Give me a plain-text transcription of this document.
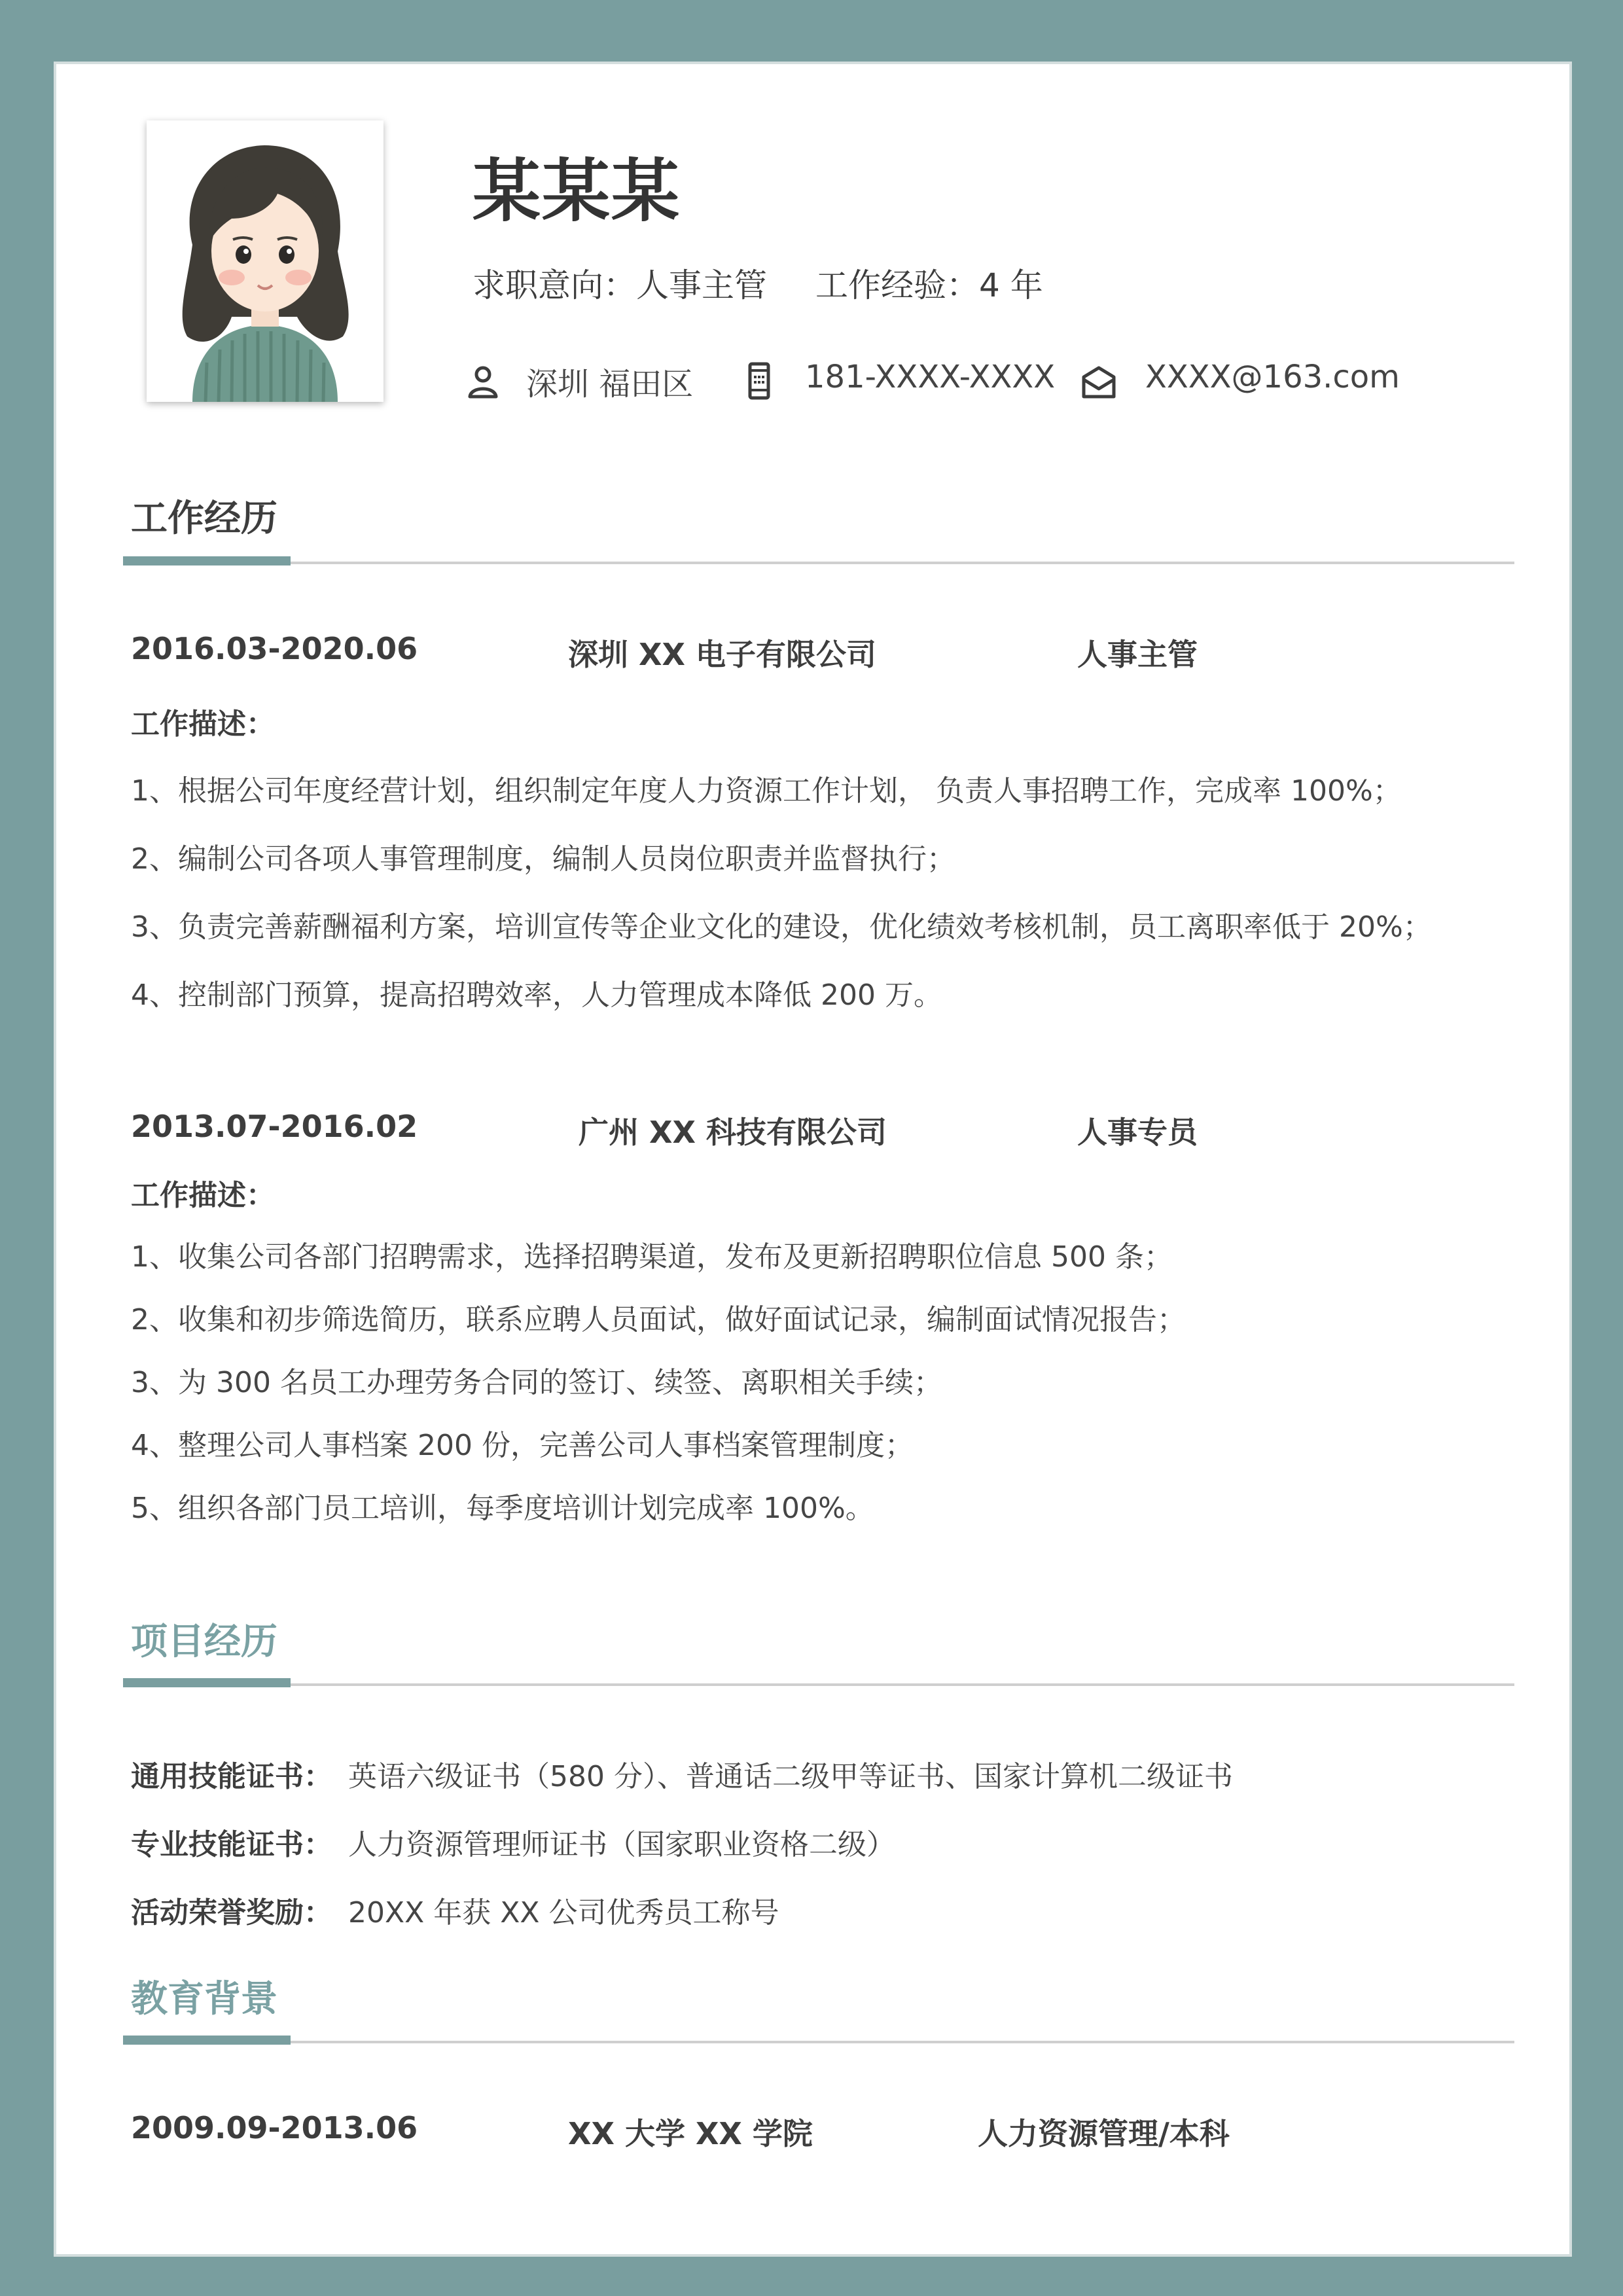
某某某
求职意向：人事主管 工作经验：4 年
深圳 福田区	181-XXXX-XXXX	XXXX@163.com
工作经历
2016.03-2020.06	深圳 XX 电子有限公司	人事主管
工作描述：
1、根据公司年度经营计划，组织制定年度人力资源工作计划， 负责人事招聘工作，完成率 100%；
2、编制公司各项人事管理制度，编制人员岗位职责并监督执行；
3、负责完善薪酬福利方案，培训宣传等企业文化的建设，优化绩效考核机制，员工离职率低于 20%；
4、控制部门预算，提高招聘效率，人力管理成本降低 200 万。
2013.07-2016.02	广州 XX 科技有限公司	人事专员
工作描述：
1、收集公司各部门招聘需求，选择招聘渠道，发布及更新招聘职位信息 500 条；
2、收集和初步筛选简历，联系应聘人员面试，做好面试记录，编制面试情况报告；
3、为 300 名员工办理劳务合同的签订、续签、离职相关手续；
4、整理公司人事档案 200 份，完善公司人事档案管理制度；
5、组织各部门员工培训，每季度培训计划完成率 100%。
项目经历
通用技能证书： 英语六级证书（580 分）、普通话二级甲等证书、国家计算机二级证书
专业技能证书： 人力资源管理师证书（国家职业资格二级）
活动荣誉奖励： 20XX 年获 XX 公司优秀员工称号
教育背景
2009.09-2013.06	XX 大学 XX 学院	人力资源管理/本科
